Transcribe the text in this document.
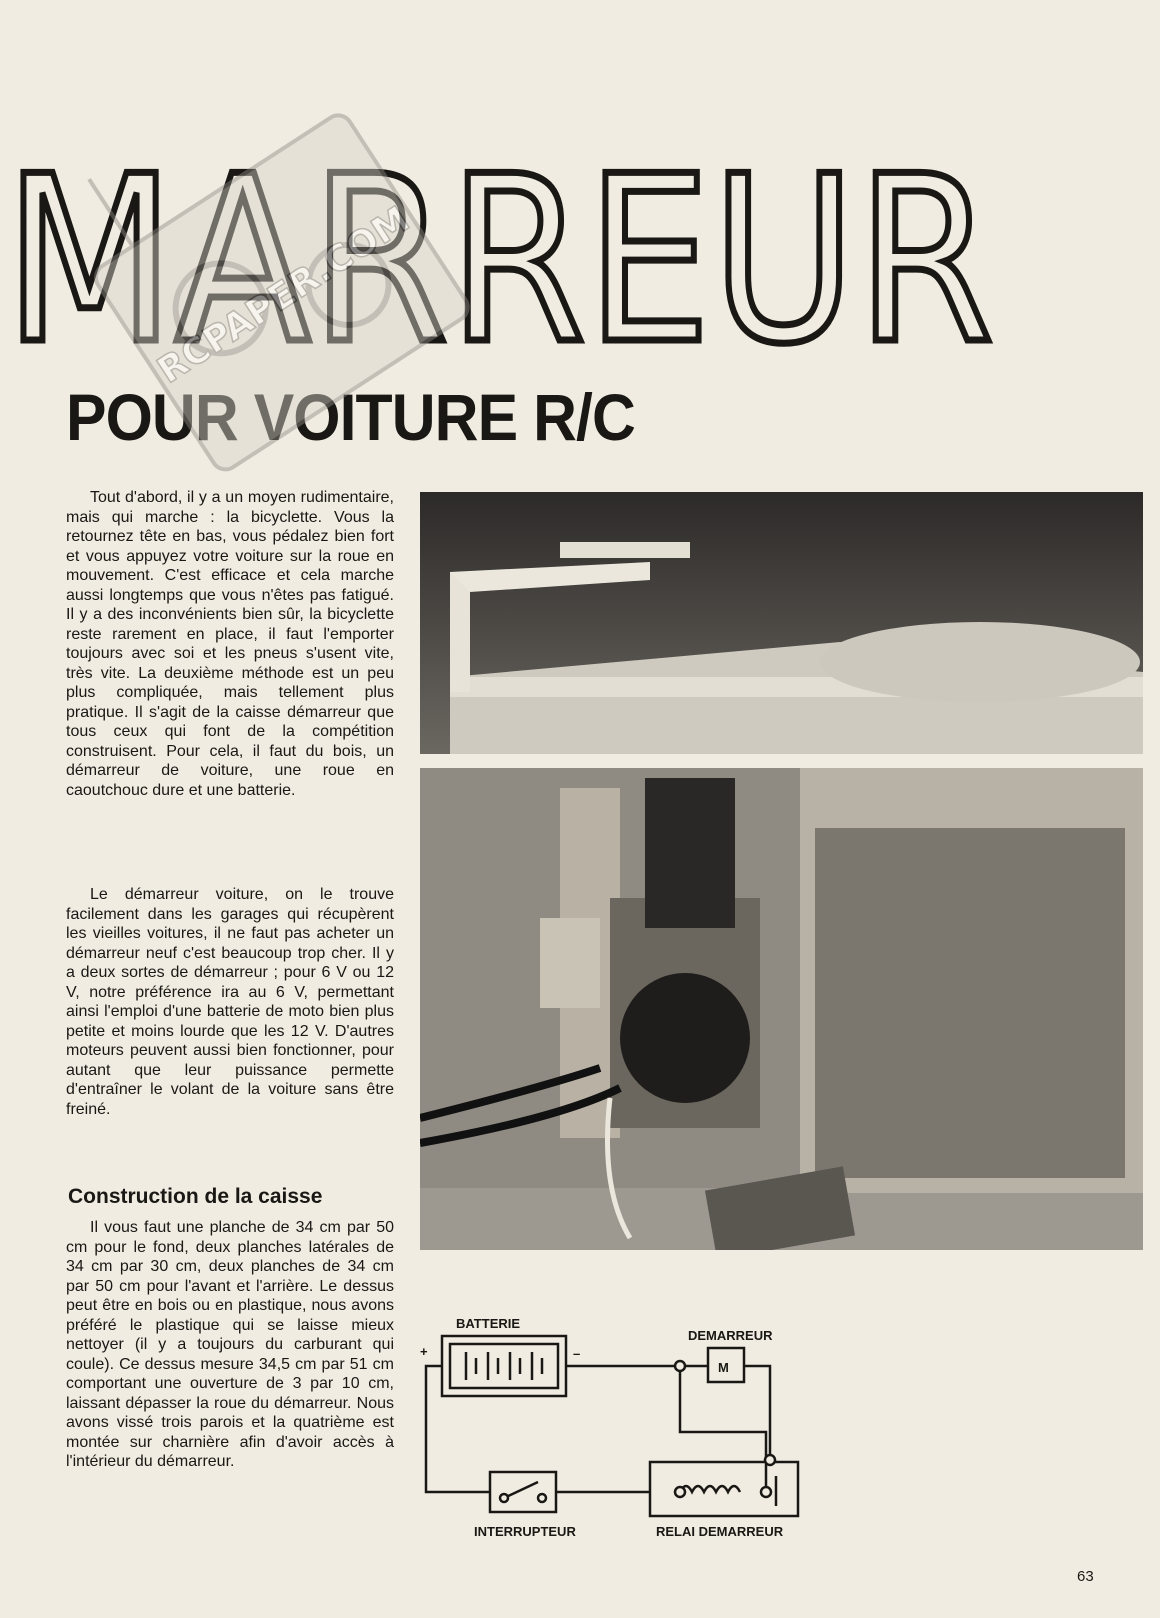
MARREUR
POUR VOITURE R/C
RCPAPER.COM

Tout d'abord, il y a un moyen rudimentaire, mais qui marche : la bicyclette. Vous la retournez tête en bas, vous pédalez bien fort et vous appuyez votre voiture sur la roue en mouvement. C'est efficace et cela marche aussi longtemps que vous n'êtes pas fatigué. Il y a des inconvénients bien sûr, la bicyclette reste rarement en place, il faut l'emporter toujours avec soi et les pneus s'usent vite, très vite. La deuxième méthode est un peu plus compliquée, mais tellement plus pratique. Il s'agit de la caisse démarreur que tous ceux qui font de la compétition construisent. Pour cela, il faut du bois, un démarreur de voiture, une roue en caoutchouc dure et une batterie.

Le démarreur voiture, on le trouve facilement dans les garages qui récupèrent les vieilles voitures, il ne faut pas acheter un démarreur neuf c'est beaucoup trop cher. Il y a deux sortes de démarreur ; pour 6 V ou 12 V, notre préférence ira au 6 V, permettant ainsi l'emploi d'une batterie de moto bien plus petite et moins lourde que les 12 V. D'autres moteurs peuvent aussi bien fonctionner, pour autant que leur puissance permette d'entraîner le volant de la voiture sans être freiné.

Construction de la caisse

Il vous faut une planche de 34 cm par 50 cm pour le fond, deux planches latérales de 34 cm par 30 cm, deux planches de 34 cm par 50 cm pour l'avant et l'arrière. Le dessus peut être en bois ou en plastique, nous avons préféré le plastique qui se laisse mieux nettoyer (il y a toujours du carburant qui coule). Ce dessus mesure 34,5 cm par 51 cm comportant une ouverture de 3 par 10 cm, laissant dépasser la roue du démarreur. Nous avons vissé trois parois et la quatrième est montée sur charnière afin d'avoir accès à l'intérieur du démarreur.

BATTERIE
+	–
DEMARREUR
M
INTERRUPTEUR	RELAI DEMARREUR
63
